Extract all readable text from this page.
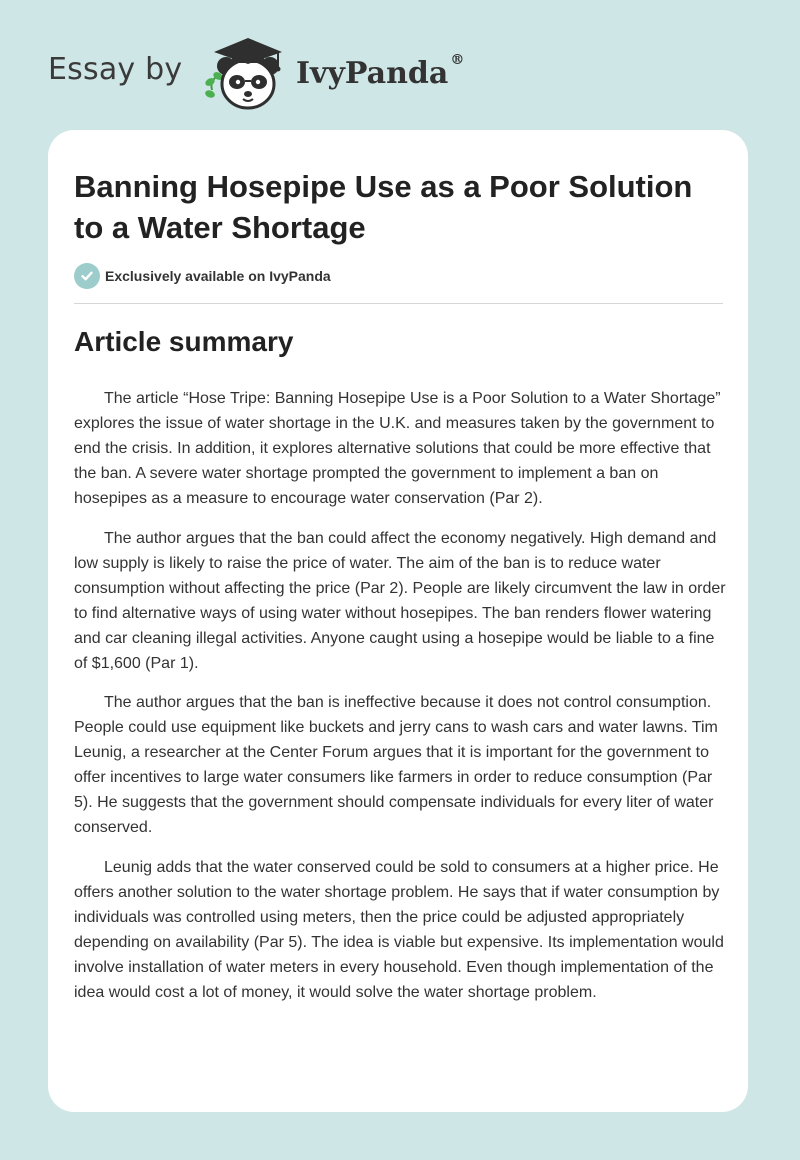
Essay by	IvyPanda ®
Banning Hosepipe Use as a Poor Solution to a Water Shortage
Exclusively available on IvyPanda
Article summary

The article “Hose Tripe: Banning Hosepipe Use is a Poor Solution to a Water Shortage” explores the issue of water shortage in the U.K. and measures taken by the government to end the crisis. In addition, it explores alternative solutions that could be more effective that the ban. A severe water shortage prompted the government to implement a ban on hosepipes as a measure to encourage water conservation (Par 2).

The author argues that the ban could affect the economy negatively. High demand and low supply is likely to raise the price of water. The aim of the ban is to reduce water consumption without affecting the price (Par 2). People are likely circumvent the law in order to find alternative ways of using water without hosepipes. The ban renders flower watering and car cleaning illegal activities. Anyone caught using a hosepipe would be liable to a fine of $1,600 (Par 1).

The author argues that the ban is ineffective because it does not control consumption. People could use equipment like buckets and jerry cans to wash cars and water lawns. Tim Leunig, a researcher at the Center Forum argues that it is important for the government to offer incentives to large water consumers like farmers in order to reduce consumption (Par 5). He suggests that the government should compensate individuals for every liter of water conserved.

Leunig adds that the water conserved could be sold to consumers at a higher price. He offers another solution to the water shortage problem. He says that if water consumption by individuals was controlled using meters, then the price could be adjusted appropriately depending on availability (Par 5). The idea is viable but expensive. Its implementation would involve installation of water meters in every household. Even though implementation of the idea would cost a lot of money, it would solve the water shortage problem.
